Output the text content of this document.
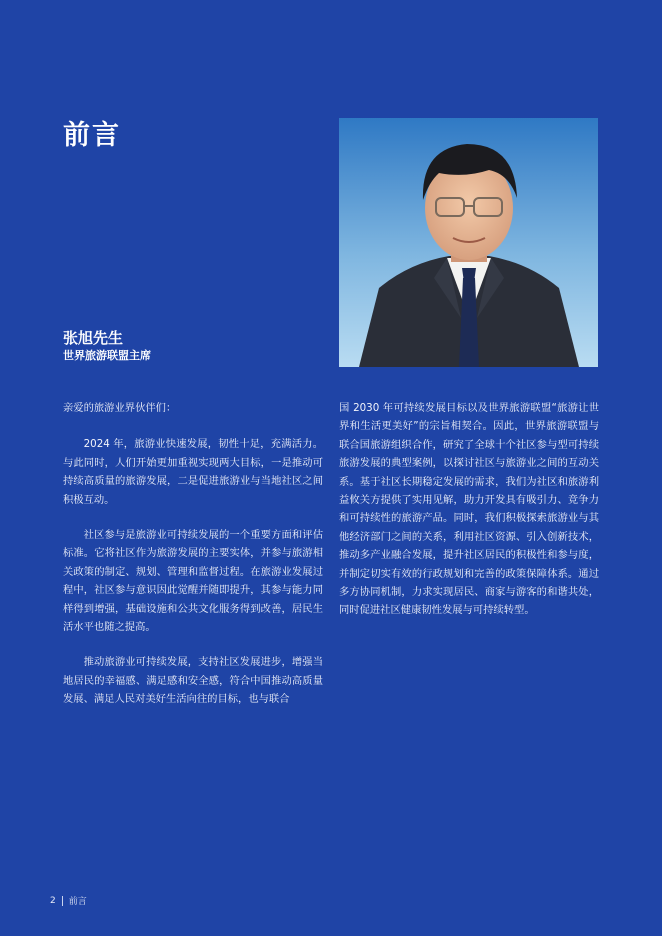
前言
张旭先生
世界旅游联盟主席

亲爱的旅游业界伙伴们：

2024 年，旅游业快速发展，韧性十足，充满活力。与此同时，人们开始更加重视实现两大目标，一是推动可持续高质量的旅游发展，二是促进旅游业与当地社区之间积极互动。

社区参与是旅游业可持续发展的一个重要方面和评估标准。它将社区作为旅游发展的主要实体，并参与旅游相关政策的制定、规划、管理和监督过程。在旅游业发展过程中，社区参与意识因此觉醒并随即提升，其参与能力同样得到增强，基础设施和公共文化服务得到改善，居民生活水平也随之提高。

推动旅游业可持续发展，支持社区发展进步，增强当地居民的幸福感、满足感和安全感，符合中国推动高质量发展、满足人民对美好生活向往的目标，也与联合

国 2030 年可持续发展目标以及世界旅游联盟“旅游让世界和生活更美好”的宗旨相契合。因此，世界旅游联盟与联合国旅游组织合作，研究了全球十个社区参与型可持续旅游发展的典型案例，以探讨社区与旅游业之间的互动关系。基于社区长期稳定发展的需求，我们为社区和旅游利益攸关方提供了实用见解，助力开发具有吸引力、竞争力和可持续性的旅游产品。同时，我们积极探索旅游业与其他经济部门之间的关系，利用社区资源、引入创新技术，推动多产业融合发展，提升社区居民的积极性和参与度，并制定切实有效的行政规划和完善的政策保障体系。通过多方协同机制，力求实现居民、商家与游客的和谐共处，同时促进社区健康韧性发展与可持续转型。

2 前言
